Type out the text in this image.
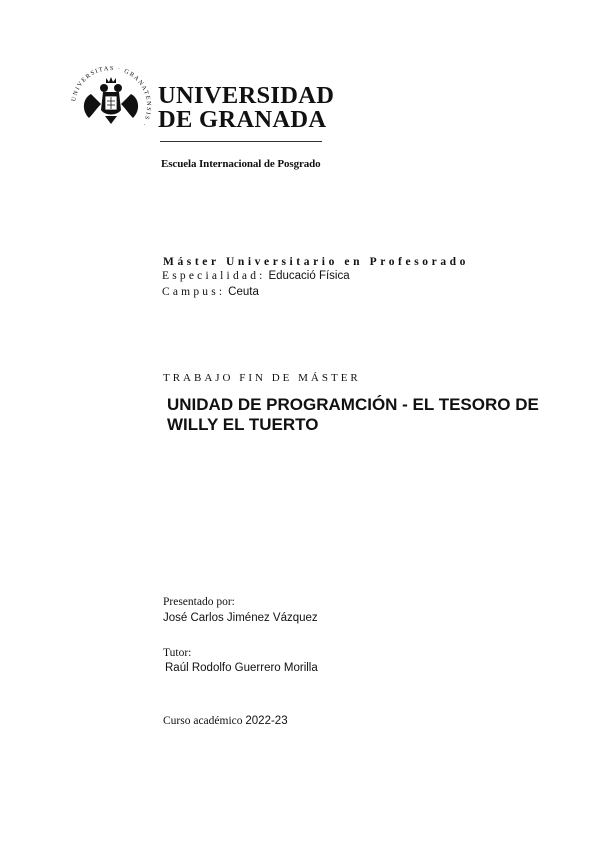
UNIVERSITAS · GRANATENSIS ·
UNIVERSIDAD
DE GRANADA
Escuela Internacional de Posgrado
Máster Universitario en Profesorado
Especialidad: Educació Física
Campus: Ceuta
TRABAJO FIN DE MÁSTER
UNIDAD DE PROGRAMCIÓN - EL TESORO DE WILLY EL TUERTO
Presentado por:
José Carlos Jiménez Vázquez
Tutor:
Raúl Rodolfo Guerrero Morilla
Curso académico 2022-23
